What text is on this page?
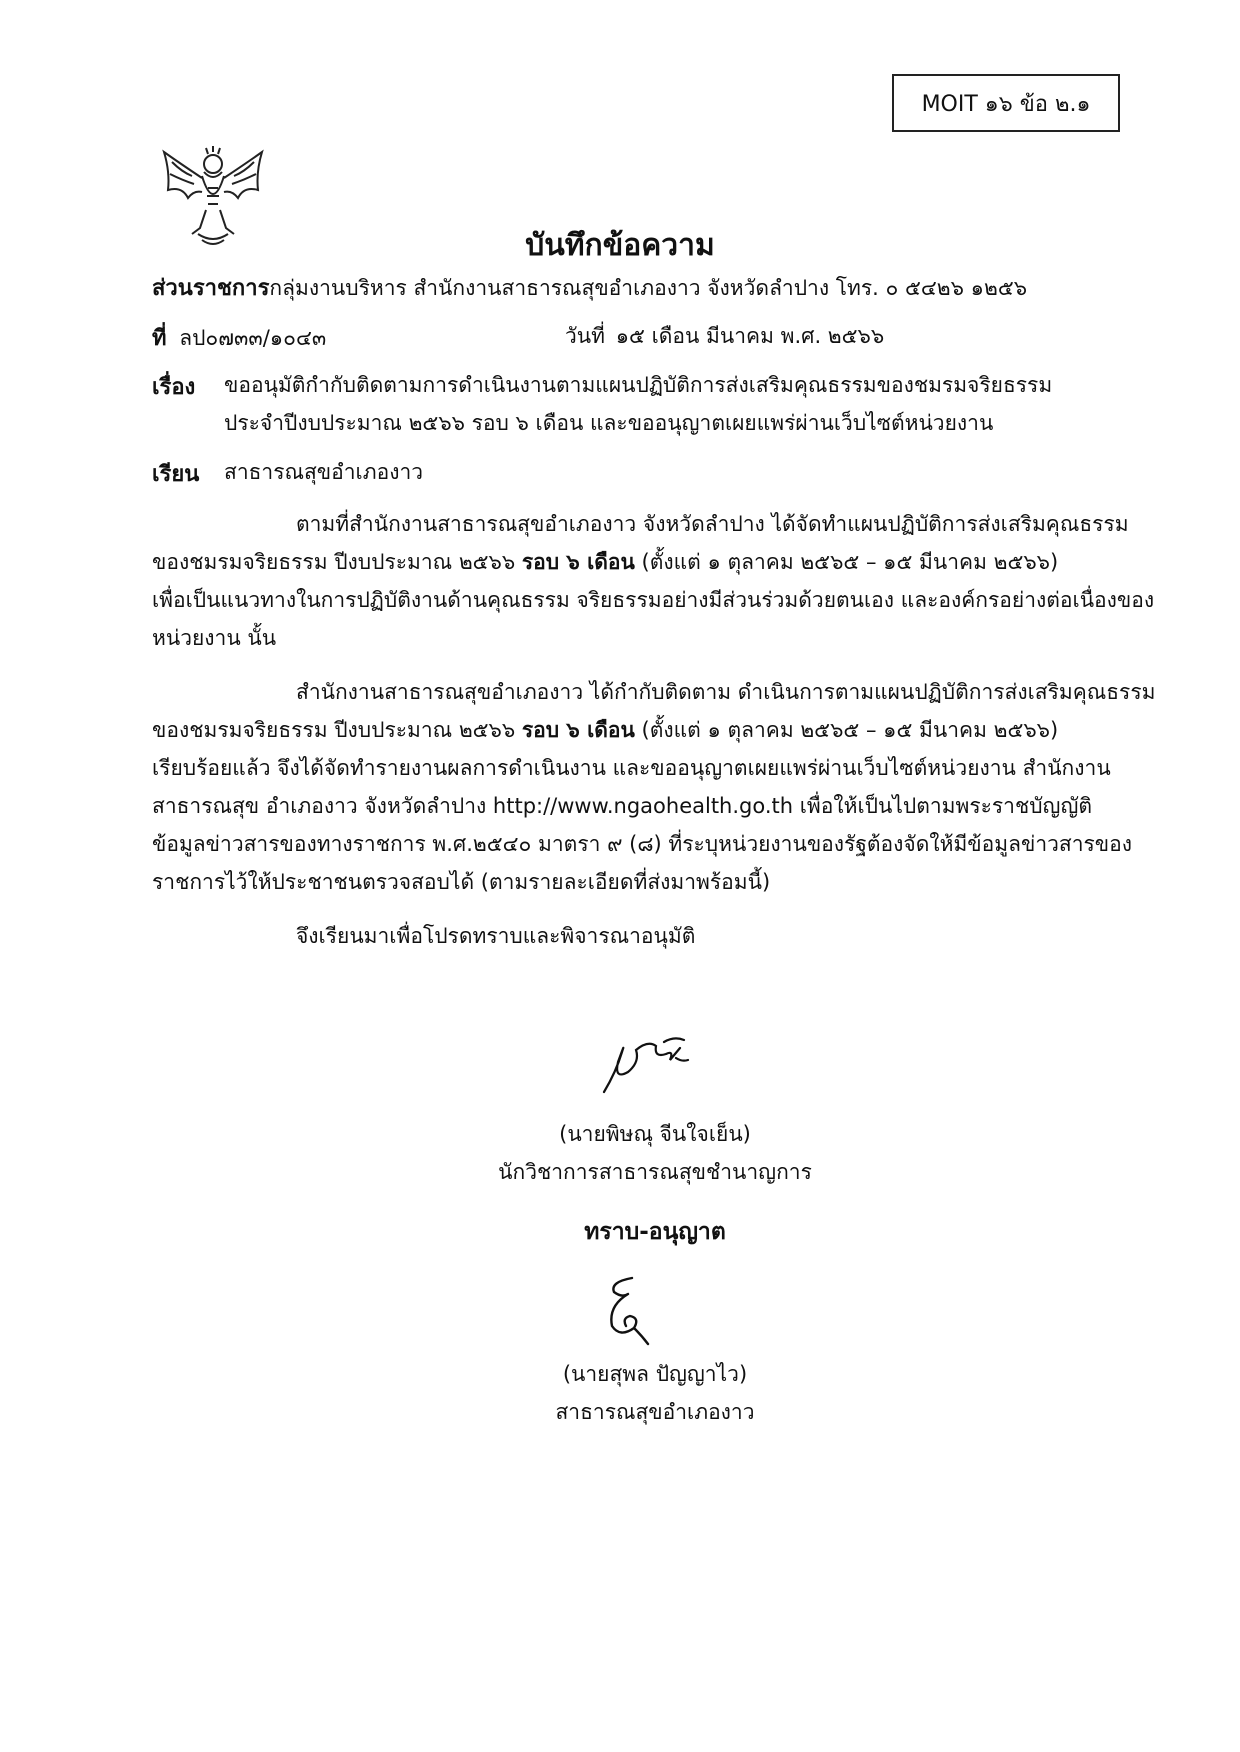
MOIT ๑๖ ข้อ ๒.๑
บันทึกข้อความ
ส่วนราชการกลุ่มงานบริหาร สำนักงานสาธารณสุขอำเภองาว จังหวัดลำปาง โทร. ๐ ๕๔๒๖ ๑๒๕๖
ที่ ลป๐๗๓๓/๑๐๔๓	วันที่ ๑๕ เดือน มีนาคม พ.ศ. ๒๕๖๖
เรื่อง ขออนุมัติกำกับติดตามการดำเนินงานตามแผนปฏิบัติการส่งเสริมคุณธรรมของชมรมจริยธรรม
ประจำปีงบประมาณ ๒๕๖๖ รอบ ๖ เดือน และขออนุญาตเผยแพร่ผ่านเว็บไซต์หน่วยงาน
เรียน สาธารณสุขอำเภองาว
ตามที่สำนักงานสาธารณสุขอำเภองาว จังหวัดลำปาง ได้จัดทำแผนปฏิบัติการส่งเสริมคุณธรรม
ของชมรมจริยธรรม ปีงบประมาณ ๒๕๖๖ รอบ ๖ เดือน (ตั้งแต่ ๑ ตุลาคม ๒๕๖๕ – ๑๕ มีนาคม ๒๕๖๖)
เพื่อเป็นแนวทางในการปฏิบัติงานด้านคุณธรรม จริยธรรมอย่างมีส่วนร่วมด้วยตนเอง และองค์กรอย่างต่อเนื่องของ
หน่วยงาน นั้น
สำนักงานสาธารณสุขอำเภองาว ได้กำกับติดตาม ดำเนินการตามแผนปฏิบัติการส่งเสริมคุณธรรม
ของชมรมจริยธรรม ปีงบประมาณ ๒๕๖๖ รอบ ๖ เดือน (ตั้งแต่ ๑ ตุลาคม ๒๕๖๕ – ๑๕ มีนาคม ๒๕๖๖)
เรียบร้อยแล้ว จึงได้จัดทำรายงานผลการดำเนินงาน และขออนุญาตเผยแพร่ผ่านเว็บไซต์หน่วยงาน สำนักงาน
สาธารณสุข อำเภองาว จังหวัดลำปาง http://www.ngaohealth.go.th เพื่อให้เป็นไปตามพระราชบัญญัติ
ข้อมูลข่าวสารของทางราชการ พ.ศ.๒๕๔๐ มาตรา ๙ (๘) ที่ระบุหน่วยงานของรัฐต้องจัดให้มีข้อมูลข่าวสารของ
ราชการไว้ให้ประชาชนตรวจสอบได้ (ตามรายละเอียดที่ส่งมาพร้อมนี้)
จึงเรียนมาเพื่อโปรดทราบและพิจารณาอนุมัติ
(นายพิษณุ จีนใจเย็น)
นักวิชาการสาธารณสุขชำนาญการ
ทราบ-อนุญาต
(นายสุพล ปัญญาไว)
สาธารณสุขอำเภองาว
